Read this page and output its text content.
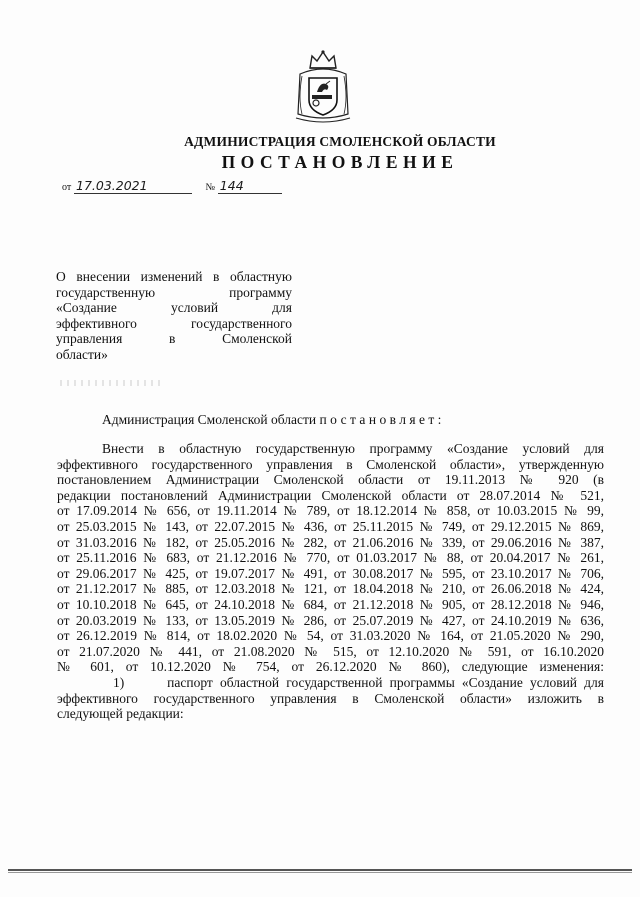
АДМИНИСТРАЦИЯ СМОЛЕНСКОЙ ОБЛАСТИ
ПОСТАНОВЛЕНИЕ
от 17.03.2021	№ 144
О внесении изменений в областную
государственную программу
«Создание условий для
эффективного государственного
управления в Смоленской
области»
Администрация Смоленской области постановляет:
Внести в областную государственную программу «Создание условий для
эффективного государственного управления в Смоленской области», утвержденную
постановлением Администрации Смоленской области от 19.11.2013 № 920 (в
редакции постановлений Администрации Смоленской области от 28.07.2014 № 521,
от 17.09.2014 № 656, от 19.11.2014 № 789, от 18.12.2014 № 858, от 10.03.2015 № 99,
от 25.03.2015 № 143, от 22.07.2015 № 436, от 25.11.2015 № 749, от 29.12.2015 № 869,
от 31.03.2016 № 182, от 25.05.2016 № 282, от 21.06.2016 № 339, от 29.06.2016 № 387,
от 25.11.2016 № 683, от 21.12.2016 № 770, от 01.03.2017 № 88, от 20.04.2017 № 261,
от 29.06.2017 № 425, от 19.07.2017 № 491, от 30.08.2017 № 595, от 23.10.2017 № 706,
от 21.12.2017 № 885, от 12.03.2018 № 121, от 18.04.2018 № 210, от 26.06.2018 № 424,
от 10.10.2018 № 645, от 24.10.2018 № 684, от 21.12.2018 № 905, от 28.12.2018 № 946,
от 20.03.2019 № 133, от 13.05.2019 № 286, от 25.07.2019 № 427, от 24.10.2019 № 636,
от 26.12.2019 № 814, от 18.02.2020 № 54, от 31.03.2020 № 164, от 21.05.2020 № 290,
от 21.07.2020 № 441, от 21.08.2020 № 515, от 12.10.2020 № 591, от 16.10.2020
№ 601, от 10.12.2020 № 754, от 26.12.2020 № 860), следующие изменения:
1)      паспорт областной государственной программы «Создание условий для
эффективного государственного управления в Смоленской области» изложить в
следующей редакции:
